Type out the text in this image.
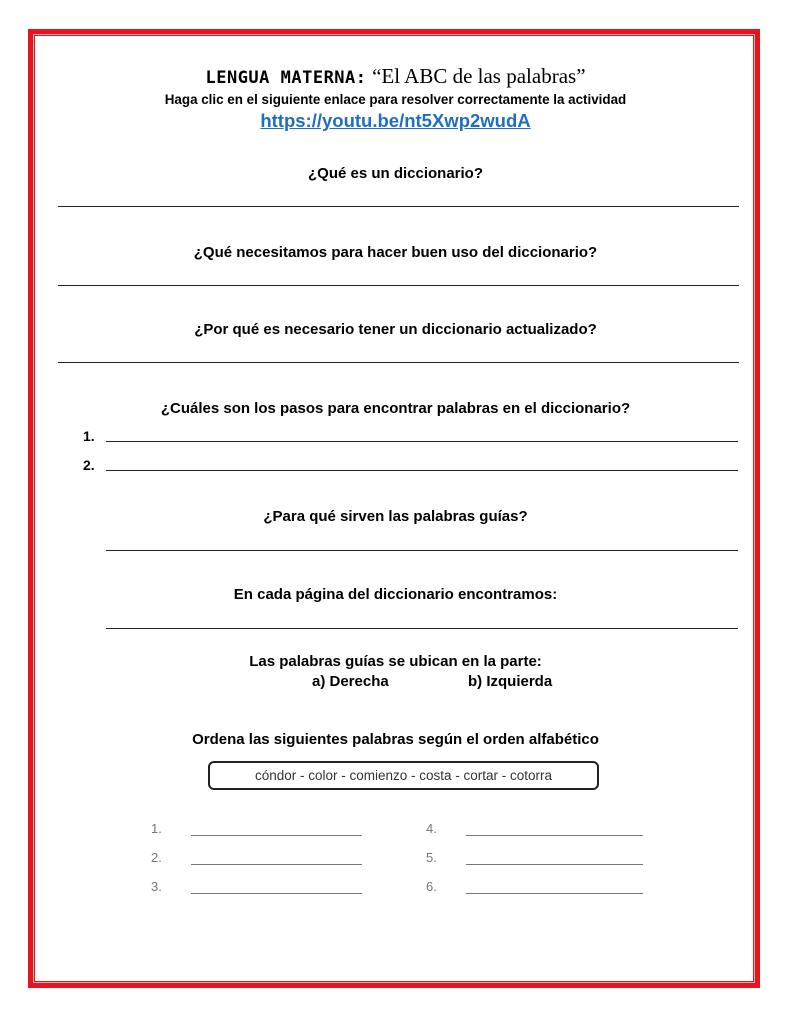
LENGUA MATERNA: “El ABC de las palabras”
Haga clic en el siguiente enlace para resolver correctamente la actividad
https://youtu.be/nt5Xwp2wudA
¿Qué es un diccionario?
¿Qué necesitamos para hacer buen uso del diccionario?
¿Por qué es necesario tener un diccionario actualizado?
¿Cuáles son los pasos para encontrar palabras en el diccionario?
1.
2.
¿Para qué sirven las palabras guías?
En cada página del diccionario encontramos:
Las palabras guías se ubican en la parte:
a) Derecha	b) Izquierda
Ordena las siguientes palabras según el orden alfabético
cóndor - color - comienzo - costa - cortar - cotorra
1.
2.
3.
4.
5.
6.
